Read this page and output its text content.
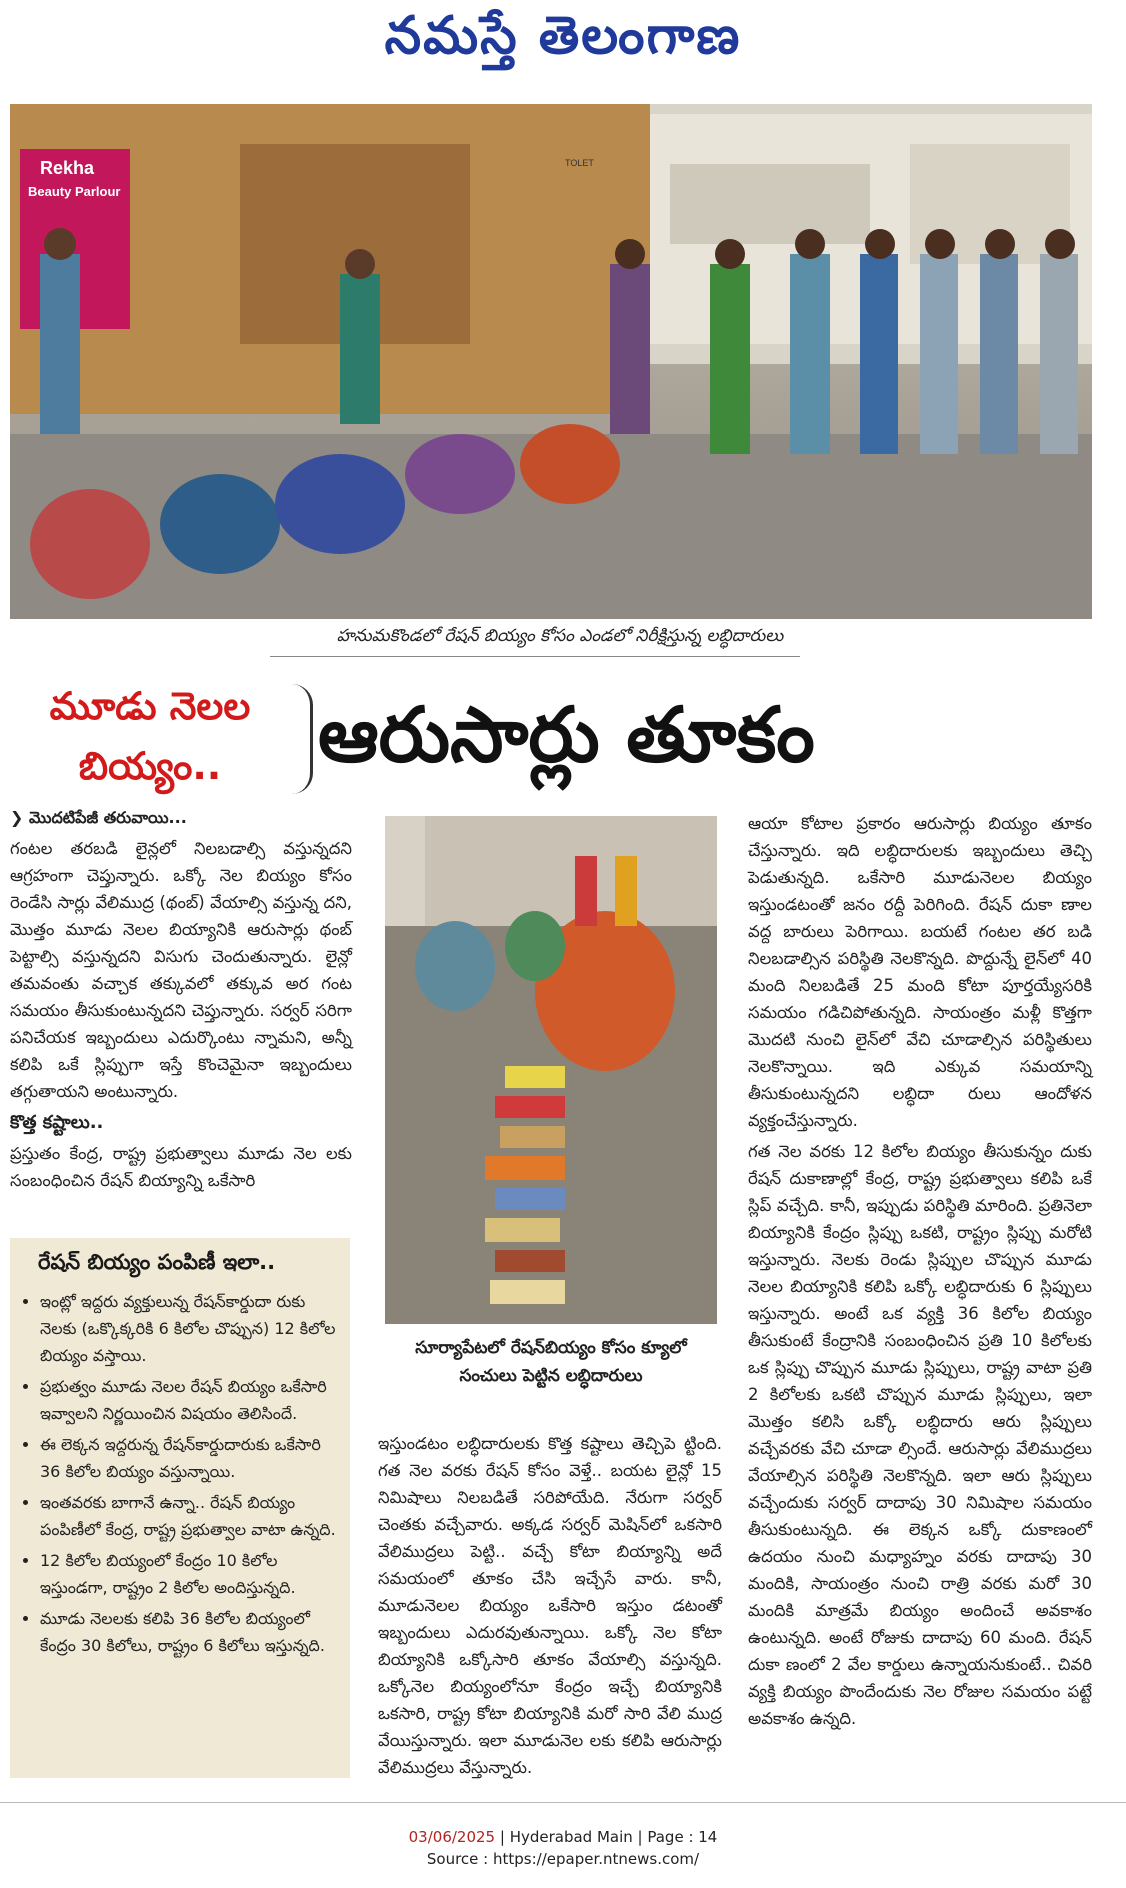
నమస్తే తెలంగాణ
Rekha
Beauty Parlour
TOLET
హనుమకొండలో రేషన్ బియ్యం కోసం ఎండలో నిరీక్షిస్తున్న లబ్ధిదారులు
మూడు నెలల
బియ్యం..	ఆరుసార్లు తూకం

❯ మొదటిపేజీ తరువాయి...

గంటల తరబడి లైన్లలో నిలబడాల్సి వస్తున్నదని ఆగ్రహంగా చెప్తున్నారు. ఒక్కో నెల బియ్యం కోసం రెండేసి సార్లు వేలిముద్ర (థంబ్) వేయాల్సి వస్తున్న దని, మొత్తం మూడు నెలల బియ్యానికి ఆరుసార్లు థంబ్ పెట్టాల్సి వస్తున్నదని విసుగు చెందుతున్నారు. లైన్లో తమవంతు వచ్చాక తక్కువలో తక్కువ అర గంట సమయం తీసుకుంటున్నదని చెప్తున్నారు. సర్వర్ సరిగా పనిచేయక ఇబ్బందులు ఎదుర్కొంటు న్నామని, అన్నీ కలిపి ఒకే స్లిప్పుగా ఇస్తే కొంచెమైనా ఇబ్బందులు తగ్గుతాయని అంటున్నారు.

కొత్త కష్టాలు..

ప్రస్తుతం కేంద్ర, రాష్ట్ర ప్రభుత్వాలు మూడు నెల లకు సంబంధించిన రేషన్ బియ్యాన్ని ఒకేసారి

రేషన్ బియ్యం పంపిణీ ఇలా..
• ఇంట్లో ఇద్దరు వ్యక్తులున్న రేషన్‌కార్డుదా రుకు నెలకు (ఒక్కొక్కరికి 6 కిలోల చొప్పున) 12 కిలోల బియ్యం వస్తాయి.
• ప్రభుత్వం మూడు నెలల రేషన్ బియ్యం ఒకేసారి ఇవ్వాలని నిర్ణయించిన విషయం తెలిసిందే.
• ఈ లెక్కన ఇద్దరున్న రేషన్‌కార్డుదారుకు ఒకేసారి 36 కిలోల బియ్యం వస్తున్నాయి.
• ఇంతవరకు బాగానే ఉన్నా.. రేషన్ బియ్యం పంపిణీలో కేంద్ర, రాష్ట్ర ప్రభుత్వాల వాటా ఉన్నది.
• 12 కిలోల బియ్యంలో కేంద్రం 10 కిలోల ఇస్తుండగా, రాష్ట్రం 2 కిలోల అందిస్తున్నది.
• మూడు నెలలకు కలిపి 36 కిలోల బియ్యంలో కేంద్రం 30 కిలోలు, రాష్ట్రం 6 కిలోలు ఇస్తున్నది.
సూర్యాపేటలో రేషన్‌బియ్యం కోసం క్యూలో సంచులు పెట్టిన లబ్ధిదారులు

ఇస్తుండటం లబ్ధిదారులకు కొత్త కష్టాలు తెచ్చిపె ట్టింది. గత నెల వరకు రేషన్ కోసం వెళ్తే.. బయట లైన్లో 15 నిమిషాలు నిలబడితే సరిపోయేది. నేరుగా సర్వర్ చెంతకు వచ్చేవారు. అక్కడ సర్వర్ మెషిన్‌లో ఒకసారి వేలిముద్రలు పెట్టి.. వచ్చే కోటా బియ్యాన్ని అదే సమయంలో తూకం చేసి ఇచ్చేసే వారు. కానీ, మూడునెలల బియ్యం ఒకేసారి ఇస్తుం డటంతో ఇబ్బందులు ఎదురవుతున్నాయి. ఒక్కో నెల కోటా బియ్యానికి ఒక్కోసారి తూకం వేయాల్సి వస్తున్నది. ఒక్కోనెల బియ్యంలోనూ కేంద్రం ఇచ్చే బియ్యానికి ఒకసారి, రాష్ట్ర కోటా బియ్యానికి మరో సారి వేలి ముద్ర వేయిస్తున్నారు. ఇలా మూడునెల లకు కలిపి ఆరుసార్లు వేలిముద్రలు వేస్తున్నారు.

ఆయా కోటాల ప్రకారం ఆరుసార్లు బియ్యం తూకం చేస్తున్నారు. ఇది లబ్ధిదారులకు ఇబ్బందులు తెచ్చి పెడుతున్నది. ఒకేసారి మూడునెలల బియ్యం ఇస్తుండటంతో జనం రద్దీ పెరిగింది. రేషన్ దుకా ణాల వద్ద బారులు పెరిగాయి. బయటే గంటల తర బడి నిలబడాల్సిన పరిస్థితి నెలకొన్నది. పొద్దున్నే లైన్‌లో 40 మంది నిలబడితే 25 మంది కోటా పూర్తయ్యేసరికి సమయం గడిచిపోతున్నది. సాయంత్రం మళ్లీ కొత్తగా మొదటి నుంచి లైన్‌లో వేచి చూడాల్సిన పరిస్థితులు నెలకొన్నాయి. ఇది ఎక్కువ సమయాన్ని తీసుకుంటున్నదని లబ్ధిదా రులు ఆందోళన వ్యక్తంచేస్తున్నారు.

గత నెల వరకు 12 కిలోల బియ్యం తీసుకున్నం దుకు రేషన్ దుకాణాల్లో కేంద్ర, రాష్ట్ర ప్రభుత్వాలు కలిపి ఒకే స్లిప్ వచ్చేది. కానీ, ఇప్పుడు పరిస్థితి మారింది. ప్రతినెలా బియ్యానికి కేంద్రం స్లిప్పు ఒకటి, రాష్ట్రం స్లిప్పు మరోటి ఇస్తున్నారు. నెలకు రెండు స్లిప్పుల చొప్పున మూడు నెలల బియ్యానికి కలిపి ఒక్కో లబ్ధిదారుకు 6 స్లిప్పులు ఇస్తున్నారు. అంటే ఒక వ్యక్తి 36 కిలోల బియ్యం తీసుకుంటే కేంద్రానికి సంబంధించిన ప్రతి 10 కిలోలకు ఒక స్లిప్పు చొప్పున మూడు స్లిప్పులు, రాష్ట్ర వాటా ప్రతి 2 కిలోలకు ఒకటి చొప్పున మూడు స్లిప్పులు, ఇలా మొత్తం కలిసి ఒక్కో లబ్ధిదారు ఆరు స్లిప్పులు వచ్చేవరకు వేచి చూడా ల్సిందే. ఆరుసార్లు వేలిముద్రలు వేయాల్సిన పరిస్థితి నెలకొన్నది. ఇలా ఆరు స్లిప్పులు వచ్చేందుకు సర్వర్ దాదాపు 30 నిమిషాల సమయం తీసుకుంటున్నది. ఈ లెక్కన ఒక్కో దుకాణంలో ఉదయం నుంచి మధ్యాహ్నం వరకు దాదాపు 30 మందికి, సాయంత్రం నుంచి రాత్రి వరకు మరో 30 మందికి మాత్రమే బియ్యం అందించే అవకాశం ఉంటున్నది. అంటే రోజుకు దాదాపు 60 మంది. రేషన్ దుకా ణంలో 2 వేల కార్డులు ఉన్నాయనుకుంటే.. చివరి వ్యక్తి బియ్యం పొందేందుకు నెల రోజుల సమయం పట్టే అవకాశం ఉన్నది.

03/06/2025 | Hyderabad Main | Page : 14
Source : https://epaper.ntnews.com/
